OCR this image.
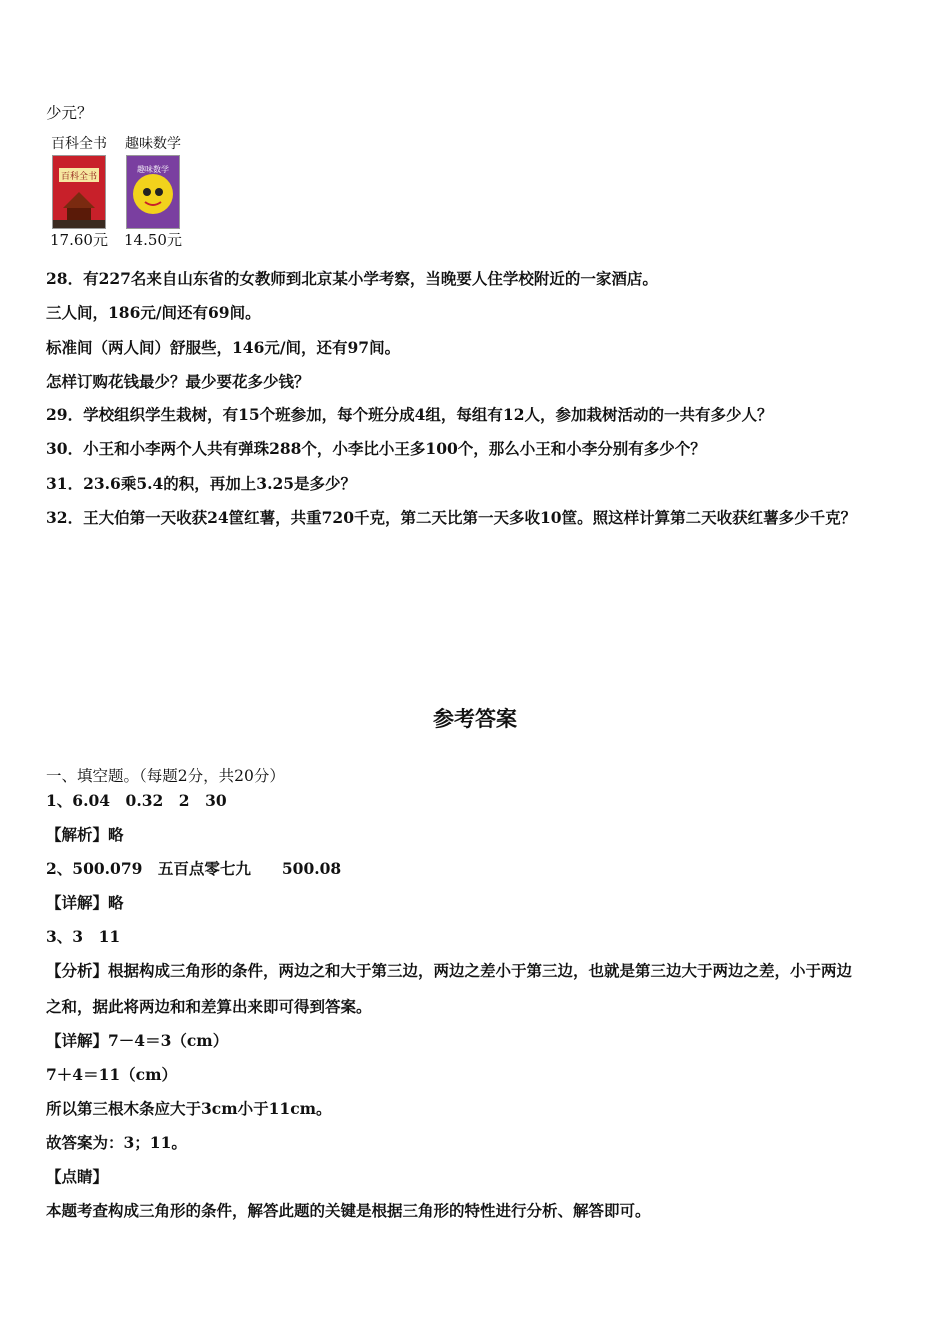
少元？
百科全书
百科全书
17.60元
趣味数学
趣味数学
14.50元
28．有227名来自山东省的女教师到北京某小学考察，当晚要人住学校附近的一家酒店。
三人间，186元/间还有69间。
标准间（两人间）舒服些，146元/间，还有97间。
怎样订购花钱最少？最少要花多少钱？
29．学校组织学生栽树，有15个班参加，每个班分成4组，每组有12人，参加栽树活动的一共有多少人？
30．小王和小李两个人共有弹珠288个，小李比小王多100个，那么小王和小李分别有多少个？
31．23.6乘5.4的积，再加上3.25是多少？
32．王大伯第一天收获24筐红薯，共重720千克，第二天比第一天多收10筐。照这样计算第二天收获红薯多少千克？
参考答案
一、填空题。（每题2分，共20分）
1、6.04　0.32　2　30
【解析】略
2、500.079　五百点零七九　　500.08
【详解】略
3、3　11
【分析】根据构成三角形的条件，两边之和大于第三边，两边之差小于第三边，也就是第三边大于两边之差，小于两边
之和，据此将两边和和差算出来即可得到答案。
【详解】7－4＝3（cm）
7＋4＝11（cm）
所以第三根木条应大于3cm小于11cm。
故答案为：3；11。
【点睛】
本题考查构成三角形的条件，解答此题的关键是根据三角形的特性进行分析、解答即可。
